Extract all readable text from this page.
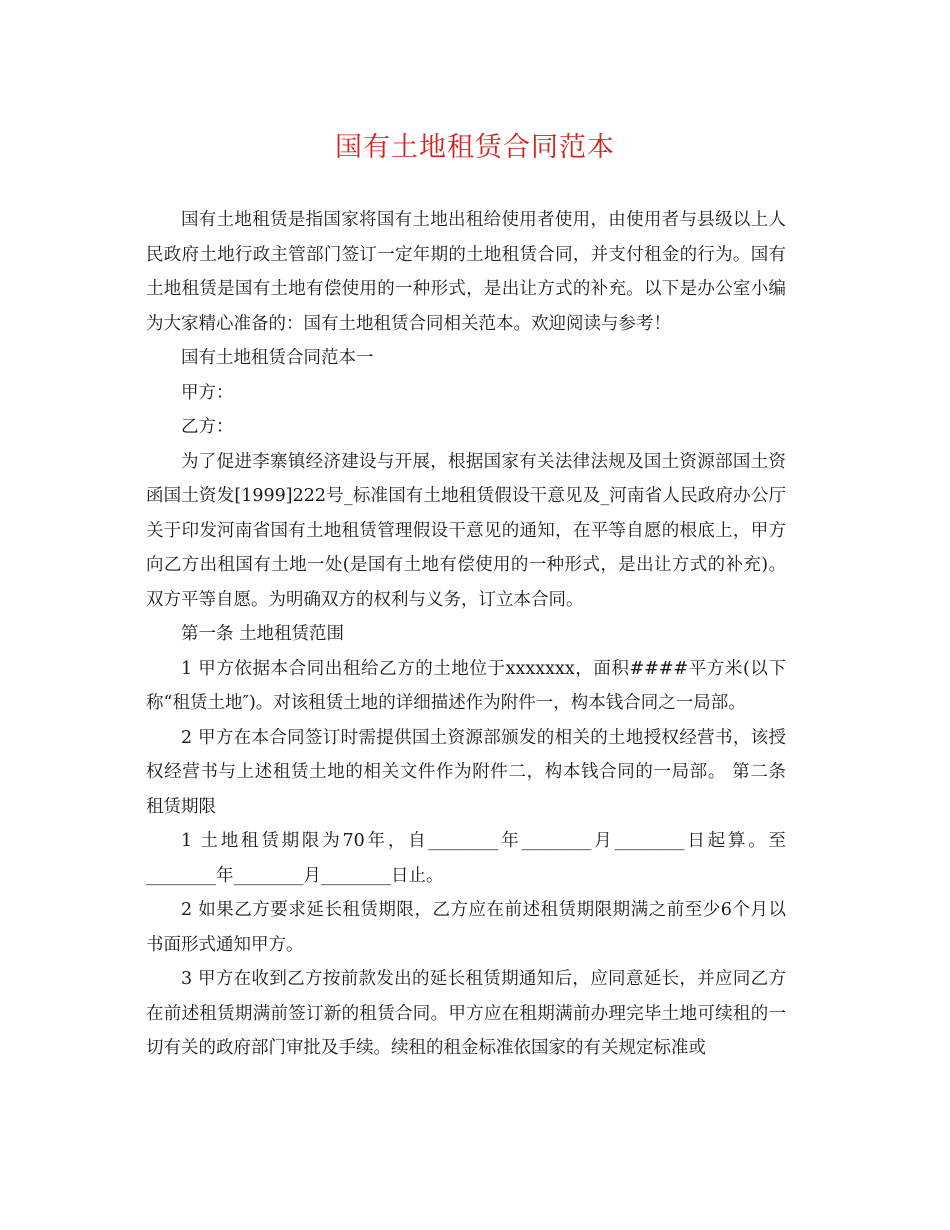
国有土地租赁合同范本

国有土地租赁是指国家将国有土地出租给使用者使用，由使用者与县级以上人民政府土地行政主管部门签订一定年期的土地租赁合同，并支付租金的行为。国有土地租赁是国有土地有偿使用的一种形式，是出让方式的补充。以下是办公室小编为大家精心准备的：国有土地租赁合同相关范本。欢迎阅读与参考！

国有土地租赁合同范本一

甲方：

乙方：

为了促进李寨镇经济建设与开展，根据国家有关法律法规及国土资源部国土资函国土资发[1999]222号_标准国有土地租赁假设干意见及_河南省人民政府办公厅关于印发河南省国有土地租赁管理假设干意见的通知，在平等自愿的根底上，甲方向乙方出租国有土地一处(是国有土地有偿使用的一种形式，是出让方式的补充)。双方平等自愿。为明确双方的权利与义务，订立本合同。

第一条 土地租赁范围

1 甲方依据本合同出租给乙方的土地位于xxxxxxx，面积####平方米(以下称“租赁土地″)。对该租赁土地的详细描述作为附件一，构本钱合同之一局部。

2 甲方在本合同签订时需提供国土资源部颁发的相关的土地授权经营书，该授权经营书与上述租赁土地的相关文件作为附件二，构本钱合同的一局部。 第二条 租赁期限

1 土地租赁期限为70年，自________年________月________日起算。至________年________月________日止。

2 如果乙方要求延长租赁期限，乙方应在前述租赁期限期满之前至少6个月以书面形式通知甲方。

3 甲方在收到乙方按前款发出的延长租赁期通知后，应同意延长，并应同乙方在前述租赁期满前签订新的租赁合同。甲方应在租期满前办理完毕土地可续租的一切有关的政府部门审批及手续。续租的租金标准依国家的有关规定标准或
